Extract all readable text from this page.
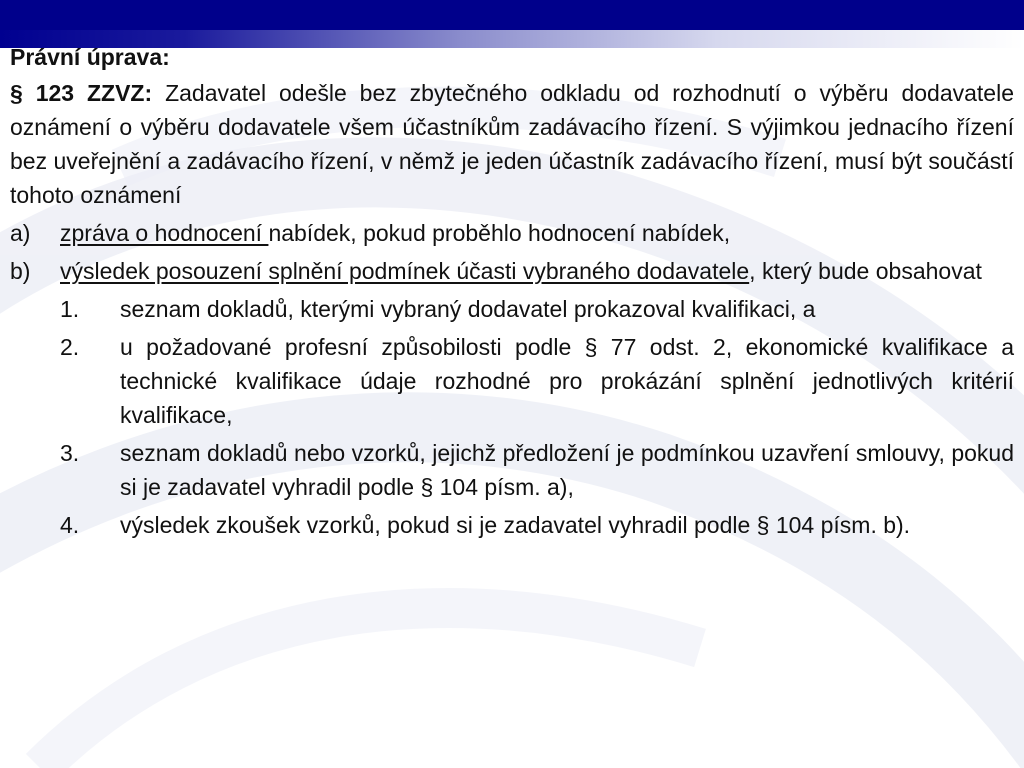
Právní úprava:

§ 123 ZZVZ: Zadavatel odešle bez zbytečného odkladu od rozhodnutí o výběru dodavatele oznámení o výběru dodavatele všem účastníkům zadávacího řízení. S výjimkou jednacího řízení bez uveřejnění a zadávacího řízení, v němž je jeden účastník zadávacího řízení, musí být součástí tohoto oznámení

a)	zpráva o hodnocení nabídek, pokud proběhlo hodnocení nabídek,
b)	výsledek posouzení splnění podmínek účasti vybraného dodavatele, který bude obsahovat
1.	seznam dokladů, kterými vybraný dodavatel prokazoval kvalifikaci, a
2.	u požadované profesní způsobilosti podle § 77 odst. 2, ekonomické kvalifikace a technické kvalifikace údaje rozhodné pro prokázání splnění jednotlivých kritérií kvalifikace,
3.	seznam dokladů nebo vzorků, jejichž předložení je podmínkou uzavření smlouvy, pokud si je zadavatel vyhradil podle § 104 písm. a),
4.	výsledek zkoušek vzorků, pokud si je zadavatel vyhradil podle § 104 písm. b).
